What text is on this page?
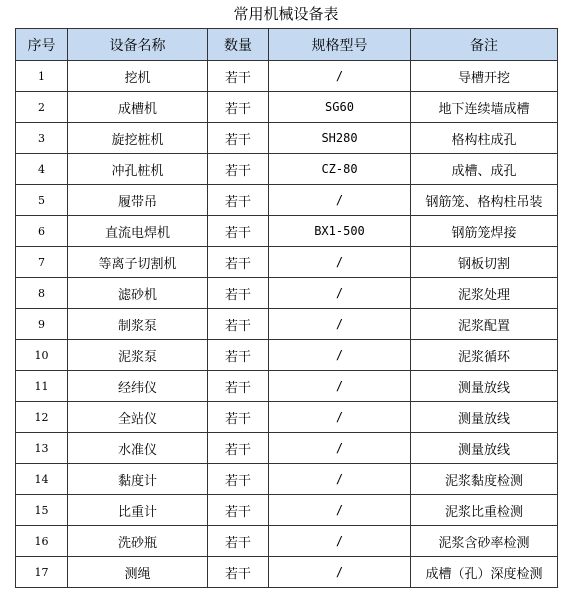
常用机械设备表
序号	设备名称	数量	规格型号	备注
1	挖机	若干	/	导槽开挖
2	成槽机	若干	SG60	地下连续墙成槽
3	旋挖桩机	若干	SH280	格构柱成孔
4	冲孔桩机	若干	CZ-80	成槽、成孔
5	履带吊	若干	/	钢筋笼、格构柱吊装
6	直流电焊机	若干	BX1-500	钢筋笼焊接
7	等离子切割机	若干	/	钢板切割
8	滤砂机	若干	/	泥浆处理
9	制浆泵	若干	/	泥浆配置
10	泥浆泵	若干	/	泥浆循环
11	经纬仪	若干	/	测量放线
12	全站仪	若干	/	测量放线
13	水准仪	若干	/	测量放线
14	黏度计	若干	/	泥浆黏度检测
15	比重计	若干	/	泥浆比重检测
16	洗砂瓶	若干	/	泥浆含砂率检测
17	测绳	若干	/	成槽（孔）深度检测
